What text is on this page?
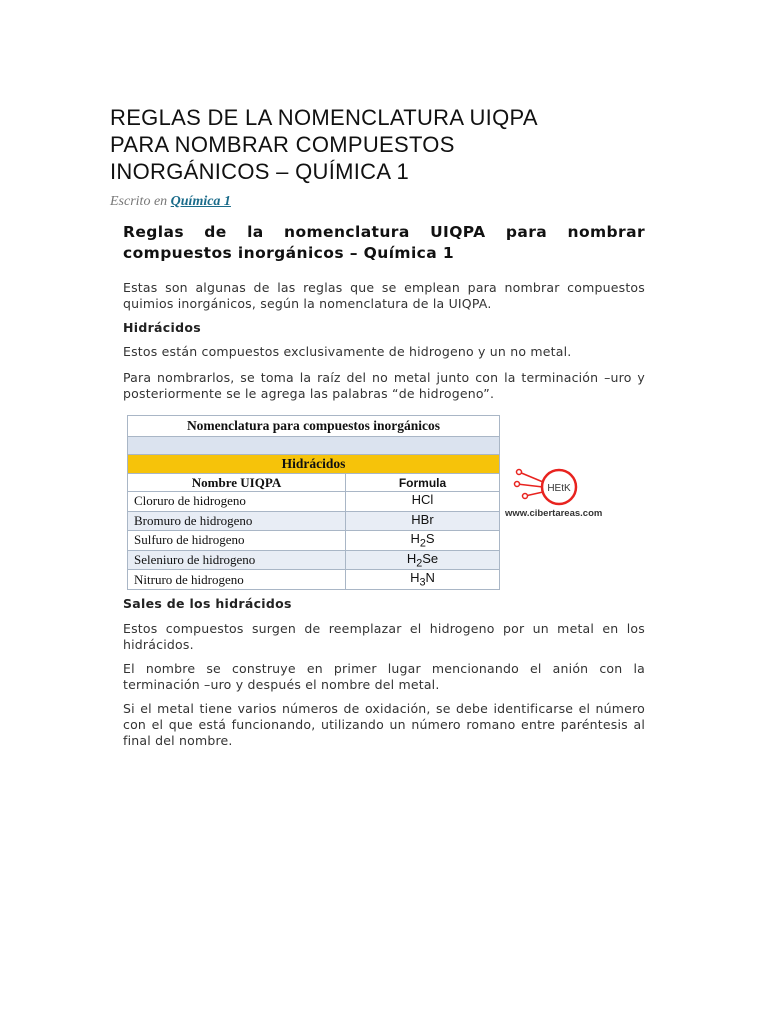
REGLAS DE LA NOMENCLATURA UIQPA
PARA NOMBRAR COMPUESTOS
INORGÁNICOS – QUÍMICA 1
Escrito en Química 1
Reglas de la nomenclatura UIQPA para nombrar compuestos inorgánicos – Química 1

Estas son algunas de las reglas que se emplean para nombrar compuestos quimios inorgánicos, según la nomenclatura de la UIQPA.

Hidrácidos

Estos están compuestos exclusivamente de hidrogeno y un no metal.

Para nombrarlos, se toma la raíz del no metal junto con la terminación –uro y posteriormente se le agrega las palabras “de hidrogeno”.

Nomenclatura para compuestos inorgánicos	

Hidrácidos	
Nombre UIQPA	Formula
Cloruro de hidrogeno	HCl
Bromuro de hidrogeno	HBr
Sulfuro de hidrogeno	$H_2S$
Seleniuro de hidrogeno	$H_2Se$
Nitruro de hidrogeno	$H_3N$
HEtK
www.cibertareas.com

Sales de los hidrácidos

Estos compuestos surgen de reemplazar el hidrogeno por un metal en los hidrácidos.

El nombre se construye en primer lugar mencionando el anión con la terminación –uro y después el nombre del metal.

Si el metal tiene varios números de oxidación, se debe identificarse el número con el que está funcionando, utilizando un número romano entre paréntesis al final del nombre.
